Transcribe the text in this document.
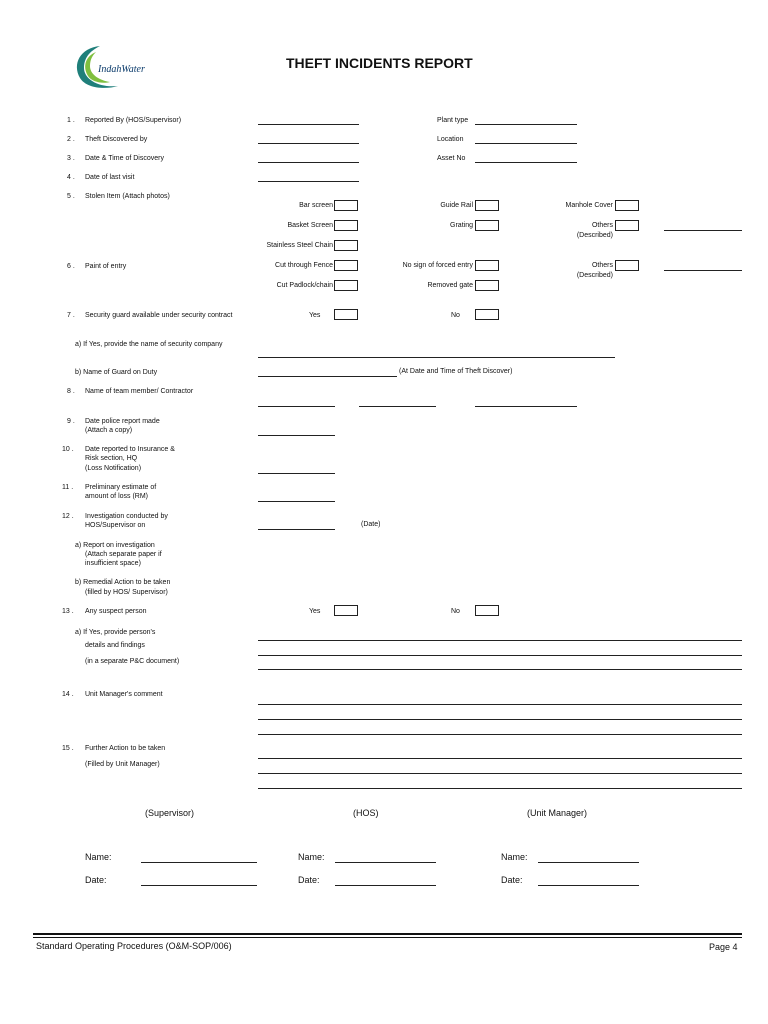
IndahWater	THEFT INCIDENTS REPORT
1 . Reported By (HOS/Supervisor)	Plant type
2 . Theft Discovered by	Location
3 . Date & Time of Discovery	Asset No
4 . Date of last visit
5 . Stolen Item (Attach photos)
Bar screen	Guide Rail	Manhole Cover
Basket Screen	Grating	Others
(Described)
Stainless Steel Chain
6 . Paint of entry	Cut through Fence	No sign of forced entry	Others
(Described)
Cut Padlock/chain	Removed gate
7 . Security guard available under security contract	Yes	No
a) If Yes, provide the name of security company
b) Name of Guard on Duty	(At Date and Time of Theft Discover)
8 . Name of team member/ Contractor
9 . Date police report made
(Attach a copy)
10 . Date reported to Insurance &
Risk section, HQ
(Loss Notification)
11 . Preliminary estimate of
amount of loss (RM)
12 . Investigation conducted by
HOS/Supervisor on	(Date)
a) Report on investigation
(Attach separate paper if
insufficient space)
b) Remedial Action to be taken
(filled by HOS/ Supervisor)
13 . Any suspect person	Yes	No
a) If Yes, provide person's
details and findings
(in a separate P&C document)
14 . Unit Manager's comment
15 . Further Action to be taken
(Filled by Unit Manager)
(Supervisor)	(HOS)	(Unit Manager)
Name:	Name:	Name:
Date:	Date:	Date:
Standard Operating Procedures (O&M-SOP/006)	Page 4
